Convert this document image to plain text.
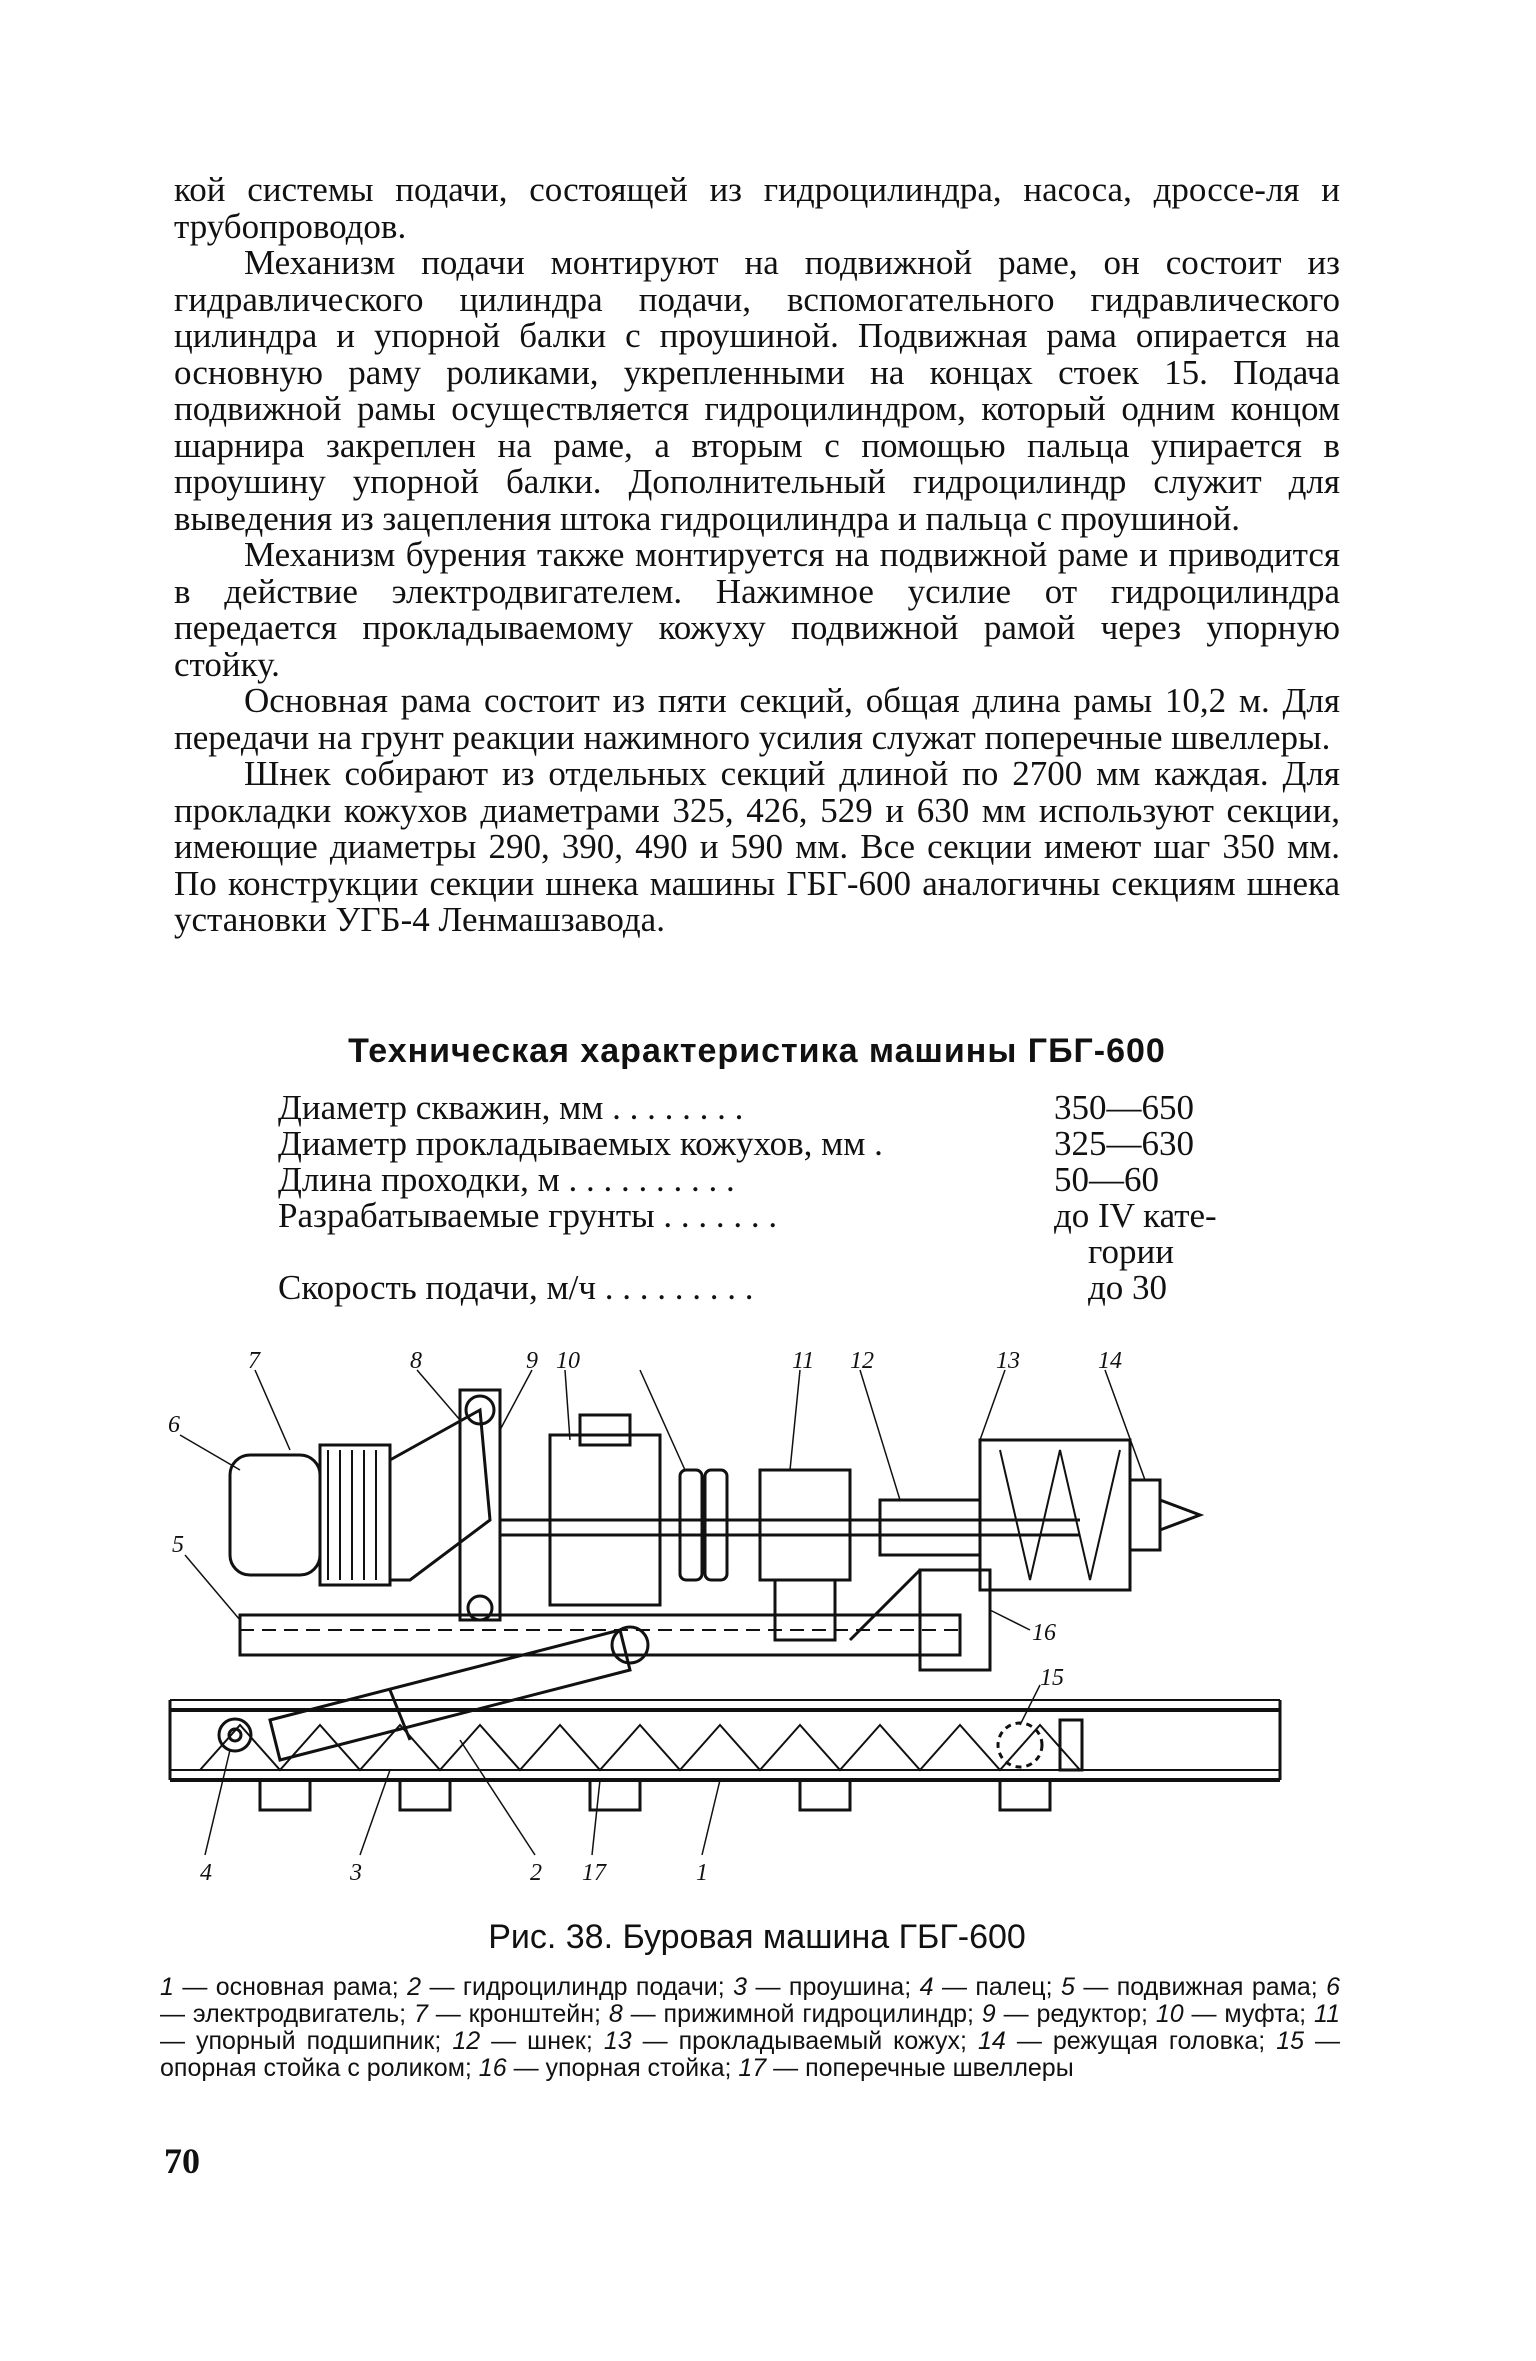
кой системы подачи, состоящей из гидроцилиндра, насоса, дроссе-ля и трубопроводов.

Механизм подачи монтируют на подвижной раме, он состоит из гидравлического цилиндра подачи, вспомогательного гидравлического цилиндра и упорной балки с проушиной. Подвижная рама опирается на основную раму роликами, укрепленными на концах стоек 15. Подача подвижной рамы осуществляется гидроцилиндром, который одним концом шарнира закреплен на раме, а вторым с помощью пальца упирается в проушину упорной балки. Дополнительный гидроцилиндр служит для выведения из зацепления штока гидроцилиндра и пальца с проушиной.

Механизм бурения также монтируется на подвижной раме и приводится в действие электродвигателем. Нажимное усилие от гидроцилиндра передается прокладываемому кожуху подвижной рамой через упорную стойку.

Основная рама состоит из пяти секций, общая длина рамы 10,2 м. Для передачи на грунт реакции нажимного усилия служат поперечные швеллеры.

Шнек собирают из отдельных секций длиной по 2700 мм каждая. Для прокладки кожухов диаметрами 325, 426, 529 и 630 мм используют секции, имеющие диаметры 290, 390, 490 и 590 мм. Все секции имеют шаг 350 мм. По конструкции секции шнека машины ГБГ-600 аналогичны секциям шнека установки УГБ-4 Ленмашзавода.

Техническая характеристика машины ГБГ-600
Диаметр скважин, мм . . . . . . . .	350—650
Диаметр прокладываемых кожухов, мм .	325—630
Длина проходки, м . . . . . . . . . .	50—60
Разрабатываемые грунты . . . . . . .	до IV кате-
гории
Скорость подачи, м/ч . . . . . . . . .	до 30
7	8	9 10	11 12	13	14
6
5
16
15
4	3	2 17	1
Рис. 38. Буровая машина ГБГ-600
1 — основная рама; 2 — гидроцилиндр подачи; 3 — проушина; 4 — палец; 5 — подвижная рама; 6 — электродвигатель; 7 — кронштейн; 8 — прижимной гидроцилиндр; 9 — редуктор; 10 — муфта; 11 — упорный подшипник; 12 — шнек; 13 — прокладываемый кожух; 14 — режущая головка; 15 — опорная стойка с роликом; 16 — упорная стойка; 17 — поперечные швеллеры
70
